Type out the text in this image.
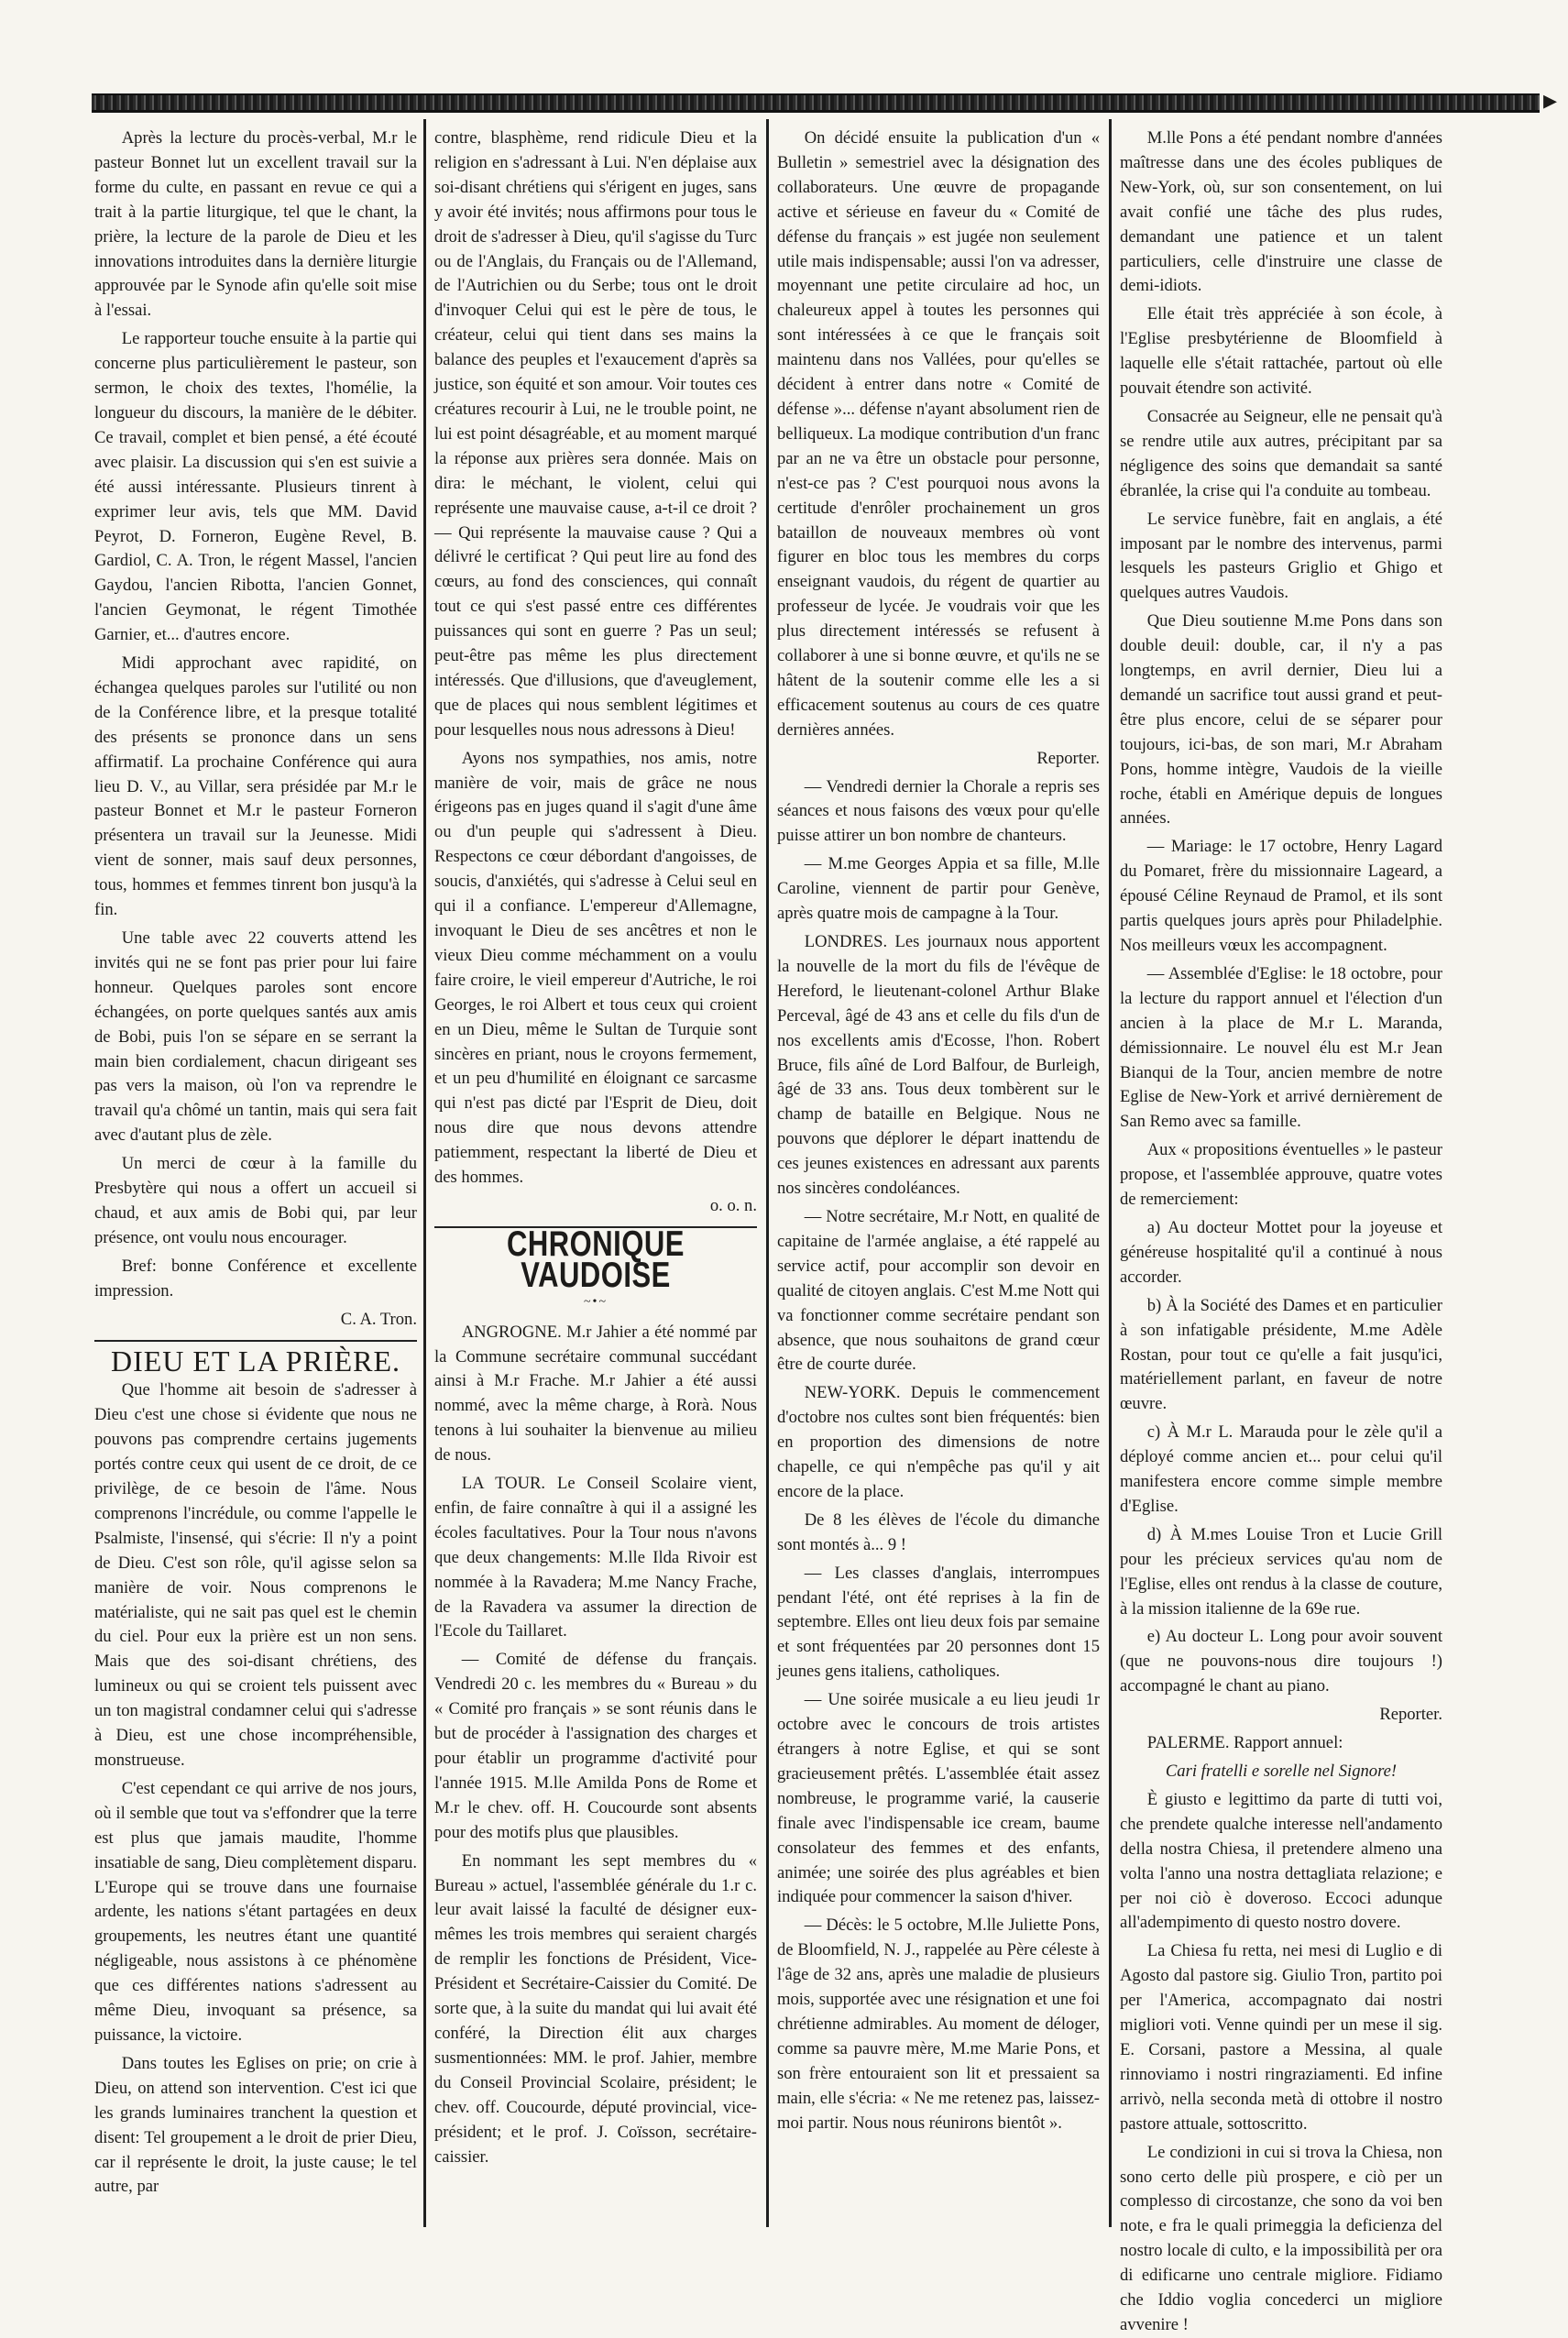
▸

Après la lecture du procès-verbal, M.r le pasteur Bonnet lut un excellent travail sur la forme du culte, en passant en revue ce qui a trait à la partie liturgique, tel que le chant, la prière, la lecture de la parole de Dieu et les innovations introduites dans la dernière liturgie approuvée par le Synode afin qu'elle soit mise à l'essai.

Le rapporteur touche ensuite à la partie qui concerne plus particulièrement le pasteur, son sermon, le choix des textes, l'homélie, la longueur du discours, la manière de le débiter. Ce travail, complet et bien pensé, a été écouté avec plaisir. La discussion qui s'en est suivie a été aussi intéressante. Plusieurs tinrent à exprimer leur avis, tels que MM. David Peyrot, D. Forneron, Eugène Revel, B. Gardiol, C. A. Tron, le régent Massel, l'ancien Gaydou, l'ancien Ribotta, l'ancien Gonnet, l'ancien Geymonat, le régent Timothée Garnier, et... d'autres encore.

Midi approchant avec rapidité, on échangea quelques paroles sur l'utilité ou non de la Conférence libre, et la presque totalité des présents se prononce dans un sens affirmatif. La prochaine Conférence qui aura lieu D. V., au Villar, sera présidée par M.r le pasteur Bonnet et M.r le pasteur Forneron présentera un travail sur la Jeunesse. Midi vient de sonner, mais sauf deux personnes, tous, hommes et femmes tinrent bon jusqu'à la fin.

Une table avec 22 couverts attend les invités qui ne se font pas prier pour lui faire honneur. Quelques paroles sont encore échangées, on porte quelques santés aux amis de Bobi, puis l'on se sépare en se serrant la main bien cordialement, chacun dirigeant ses pas vers la maison, où l'on va reprendre le travail qu'a chômé un tantin, mais qui sera fait avec d'autant plus de zèle.

Un merci de cœur à la famille du Presbytère qui nous a offert un accueil si chaud, et aux amis de Bobi qui, par leur présence, ont voulu nous encourager.

Bref: bonne Conférence et excellente impression.

C. A. Tron.

DIEU ET LA PRIÈRE.

Que l'homme ait besoin de s'adresser à Dieu c'est une chose si évidente que nous ne pouvons pas comprendre certains jugements portés contre ceux qui usent de ce droit, de ce privilège, de ce besoin de l'âme. Nous comprenons l'incrédule, ou comme l'appelle le Psalmiste, l'insensé, qui s'écrie: Il n'y a point de Dieu. C'est son rôle, qu'il agisse selon sa manière de voir. Nous comprenons le matérialiste, qui ne sait pas quel est le chemin du ciel. Pour eux la prière est un non sens. Mais que des soi-disant chrétiens, des lumineux ou qui se croient tels puissent avec un ton magistral condamner celui qui s'adresse à Dieu, est une chose incompréhensible, monstrueuse.

C'est cependant ce qui arrive de nos jours, où il semble que tout va s'effondrer que la terre est plus que jamais maudite, l'homme insatiable de sang, Dieu complètement disparu. L'Europe qui se trouve dans une fournaise ardente, les nations s'étant partagées en deux groupements, les neutres étant une quantité négligeable, nous assistons à ce phénomène que ces différentes nations s'adressent au même Dieu, invoquant sa présence, sa puissance, la victoire.

Dans toutes les Eglises on prie; on crie à Dieu, on attend son intervention. C'est ici que les grands luminaires tranchent la question et disent: Tel groupement a le droit de prier Dieu, car il représente le droit, la juste cause; le tel autre, par

contre, blasphème, rend ridicule Dieu et la religion en s'adressant à Lui. N'en déplaise aux soi-disant chrétiens qui s'érigent en juges, sans y avoir été invités; nous affirmons pour tous le droit de s'adresser à Dieu, qu'il s'agisse du Turc ou de l'Anglais, du Français ou de l'Allemand, de l'Autrichien ou du Serbe; tous ont le droit d'invoquer Celui qui est le père de tous, le créateur, celui qui tient dans ses mains la balance des peuples et l'exaucement d'après sa justice, son équité et son amour. Voir toutes ces créatures recourir à Lui, ne le trouble point, ne lui est point désagréable, et au moment marqué la réponse aux prières sera donnée. Mais on dira: le méchant, le violent, celui qui représente une mauvaise cause, a-t-il ce droit ? — Qui représente la mauvaise cause ? Qui a délivré le certificat ? Qui peut lire au fond des cœurs, au fond des consciences, qui connaît tout ce qui s'est passé entre ces différentes puissances qui sont en guerre ? Pas un seul; peut-être pas même les plus directement intéressés. Que d'illusions, que d'aveuglement, que de places qui nous semblent légitimes et pour lesquelles nous nous adressons à Dieu!

Ayons nos sympathies, nos amis, notre manière de voir, mais de grâce ne nous érigeons pas en juges quand il s'agit d'une âme ou d'un peuple qui s'adressent à Dieu. Respectons ce cœur débordant d'angoisses, de soucis, d'anxiétés, qui s'adresse à Celui seul en qui il a confiance. L'empereur d'Allemagne, invoquant le Dieu de ses ancêtres et non le vieux Dieu comme méchamment on a voulu faire croire, le vieil empereur d'Autriche, le roi Georges, le roi Albert et tous ceux qui croient en un Dieu, même le Sultan de Turquie sont sincères en priant, nous le croyons fermement, et un peu d'humilité en éloignant ce sarcasme qui n'est pas dicté par l'Esprit de Dieu, doit nous dire que nous devons attendre patiemment, respectant la liberté de Dieu et des hommes.

o. o. n.

CHRONIQUE VAUDOISE
~•~

ANGROGNE. M.r Jahier a été nommé par la Commune secrétaire communal succédant ainsi à M.r Frache. M.r Jahier a été aussi nommé, avec la même charge, à Rorà. Nous tenons à lui souhaiter la bienvenue au milieu de nous.

LA TOUR. Le Conseil Scolaire vient, enfin, de faire connaître à qui il a assigné les écoles facultatives. Pour la Tour nous n'avons que deux changements: M.lle Ilda Rivoir est nommée à la Ravadera; M.me Nancy Frache, de la Ravadera va assumer la direction de l'Ecole du Taillaret.

— Comité de défense du français. Vendredi 20 c. les membres du « Bureau » du « Comité pro français » se sont réunis dans le but de procéder à l'assignation des charges et pour établir un programme d'activité pour l'année 1915. M.lle Amilda Pons de Rome et M.r le chev. off. H. Coucourde sont absents pour des motifs plus que plausibles.

En nommant les sept membres du « Bureau » actuel, l'assemblée générale du 1.r c. leur avait laissé la faculté de désigner eux-mêmes les trois membres qui seraient chargés de remplir les fonctions de Président, Vice-Président et Secrétaire-Caissier du Comité. De sorte que, à la suite du mandat qui lui avait été conféré, la Direction élit aux charges susmentionnées: MM. le prof. Jahier, membre du Conseil Provincial Scolaire, président; le chev. off. Coucourde, député provincial, vice-président; et le prof. J. Coïsson, secrétaire-caissier.

On décidé ensuite la publication d'un « Bulletin » semestriel avec la désignation des collaborateurs. Une œuvre de propagande active et sérieuse en faveur du « Comité de défense du français » est jugée non seulement utile mais indispensable; aussi l'on va adresser, moyennant une petite circulaire ad hoc, un chaleureux appel à toutes les personnes qui sont intéressées à ce que le français soit maintenu dans nos Vallées, pour qu'elles se décident à entrer dans notre « Comité de défense »... défense n'ayant absolument rien de belliqueux. La modique contribution d'un franc par an ne va être un obstacle pour personne, n'est-ce pas ? C'est pourquoi nous avons la certitude d'enrôler prochainement un gros bataillon de nouveaux membres où vont figurer en bloc tous les membres du corps enseignant vaudois, du régent de quartier au professeur de lycée. Je voudrais voir que les plus directement intéressés se refusent à collaborer à une si bonne œuvre, et qu'ils ne se hâtent de la soutenir comme elle les a si efficacement soutenus au cours de ces quatre dernières années.

Reporter.

— Vendredi dernier la Chorale a repris ses séances et nous faisons des vœux pour qu'elle puisse attirer un bon nombre de chanteurs.

— M.me Georges Appia et sa fille, M.lle Caroline, viennent de partir pour Genève, après quatre mois de campagne à la Tour.

LONDRES. Les journaux nous apportent la nouvelle de la mort du fils de l'évêque de Hereford, le lieutenant-colonel Arthur Blake Perceval, âgé de 43 ans et celle du fils d'un de nos excellents amis d'Ecosse, l'hon. Robert Bruce, fils aîné de Lord Balfour, de Burleigh, âgé de 33 ans. Tous deux tombèrent sur le champ de bataille en Belgique. Nous ne pouvons que déplorer le départ inattendu de ces jeunes existences en adressant aux parents nos sincères condoléances.

— Notre secrétaire, M.r Nott, en qualité de capitaine de l'armée anglaise, a été rappelé au service actif, pour accomplir son devoir en qualité de citoyen anglais. C'est M.me Nott qui va fonctionner comme secrétaire pendant son absence, que nous souhaitons de grand cœur être de courte durée.

NEW-YORK. Depuis le commencement d'octobre nos cultes sont bien fréquentés: bien en proportion des dimensions de notre chapelle, ce qui n'empêche pas qu'il y ait encore de la place.

De 8 les élèves de l'école du dimanche sont montés à... 9 !

— Les classes d'anglais, interrompues pendant l'été, ont été reprises à la fin de septembre. Elles ont lieu deux fois par semaine et sont fréquentées par 20 personnes dont 15 jeunes gens italiens, catholiques.

— Une soirée musicale a eu lieu jeudi 1r octobre avec le concours de trois artistes étrangers à notre Eglise, et qui se sont gracieusement prêtés. L'assemblée était assez nombreuse, le programme varié, la causerie finale avec l'indispensable ice cream, baume consolateur des femmes et des enfants, animée; une soirée des plus agréables et bien indiquée pour commencer la saison d'hiver.

— Décès: le 5 octobre, M.lle Juliette Pons, de Bloomfield, N. J., rappelée au Père céleste à l'âge de 32 ans, après une maladie de plusieurs mois, supportée avec une résignation et une foi chrétienne admirables. Au moment de déloger, comme sa pauvre mère, M.me Marie Pons, et son frère entouraient son lit et pressaient sa main, elle s'écria: « Ne me retenez pas, laissez-moi partir. Nous nous réunirons bientôt ».

M.lle Pons a été pendant nombre d'années maîtresse dans une des écoles publiques de New-York, où, sur son consentement, on lui avait confié une tâche des plus rudes, demandant une patience et un talent particuliers, celle d'instruire une classe de demi-idiots.

Elle était très appréciée à son école, à l'Eglise presbytérienne de Bloomfield à laquelle elle s'était rattachée, partout où elle pouvait étendre son activité.

Consacrée au Seigneur, elle ne pensait qu'à se rendre utile aux autres, précipitant par sa négligence des soins que demandait sa santé ébranlée, la crise qui l'a conduite au tombeau.

Le service funèbre, fait en anglais, a été imposant par le nombre des intervenus, parmi lesquels les pasteurs Griglio et Ghigo et quelques autres Vaudois.

Que Dieu soutienne M.me Pons dans son double deuil: double, car, il n'y a pas longtemps, en avril dernier, Dieu lui a demandé un sacrifice tout aussi grand et peut-être plus encore, celui de se séparer pour toujours, ici-bas, de son mari, M.r Abraham Pons, homme intègre, Vaudois de la vieille roche, établi en Amérique depuis de longues années.

— Mariage: le 17 octobre, Henry Lagard du Pomaret, frère du missionnaire Lageard, a épousé Céline Reynaud de Pramol, et ils sont partis quelques jours après pour Philadelphie. Nos meilleurs vœux les accompagnent.

— Assemblée d'Eglise: le 18 octobre, pour la lecture du rapport annuel et l'élection d'un ancien à la place de M.r L. Maranda, démissionnaire. Le nouvel élu est M.r Jean Bianqui de la Tour, ancien membre de notre Eglise de New-York et arrivé dernièrement de San Remo avec sa famille.

Aux « propositions éventuelles » le pasteur propose, et l'assemblée approuve, quatre votes de remerciement:

a) Au docteur Mottet pour la joyeuse et généreuse hospitalité qu'il a continué à nous accorder.

b) À la Société des Dames et en particulier à son infatigable présidente, M.me Adèle Rostan, pour tout ce qu'elle a fait jusqu'ici, matériellement parlant, en faveur de notre œuvre.

c) À M.r L. Marauda pour le zèle qu'il a déployé comme ancien et... pour celui qu'il manifestera encore comme simple membre d'Eglise.

d) À M.mes Louise Tron et Lucie Grill pour les précieux services qu'au nom de l'Eglise, elles ont rendus à la classe de couture, à la mission italienne de la 69e rue.

e) Au docteur L. Long pour avoir souvent (que ne pouvons-nous dire toujours !) accompagné le chant au piano.

Reporter.

PALERME. Rapport annuel:

Cari fratelli e sorelle nel Signore!

È giusto e legittimo da parte di tutti voi, che prendete qualche interesse nell'andamento della nostra Chiesa, il pretendere almeno una volta l'anno una nostra dettagliata relazione; e per noi ciò è doveroso. Eccoci adunque all'adempimento di questo nostro dovere.

La Chiesa fu retta, nei mesi di Luglio e di Agosto dal pastore sig. Giulio Tron, partito poi per l'America, accompagnato dai nostri migliori voti. Venne quindi per un mese il sig. E. Corsani, pastore a Messina, al quale rinnoviamo i nostri ringraziamenti. Ed infine arrivò, nella seconda metà di ottobre il nostro pastore attuale, sottoscritto.

Le condizioni in cui si trova la Chiesa, non sono certo delle più prospere, e ciò per un complesso di circostanze, che sono da voi ben note, e fra le quali primeggia la deficienza del nostro locale di culto, e la impossibilità per ora di edificarne uno centrale migliore. Fidiamo che Iddio voglia concederci un migliore avvenire !
